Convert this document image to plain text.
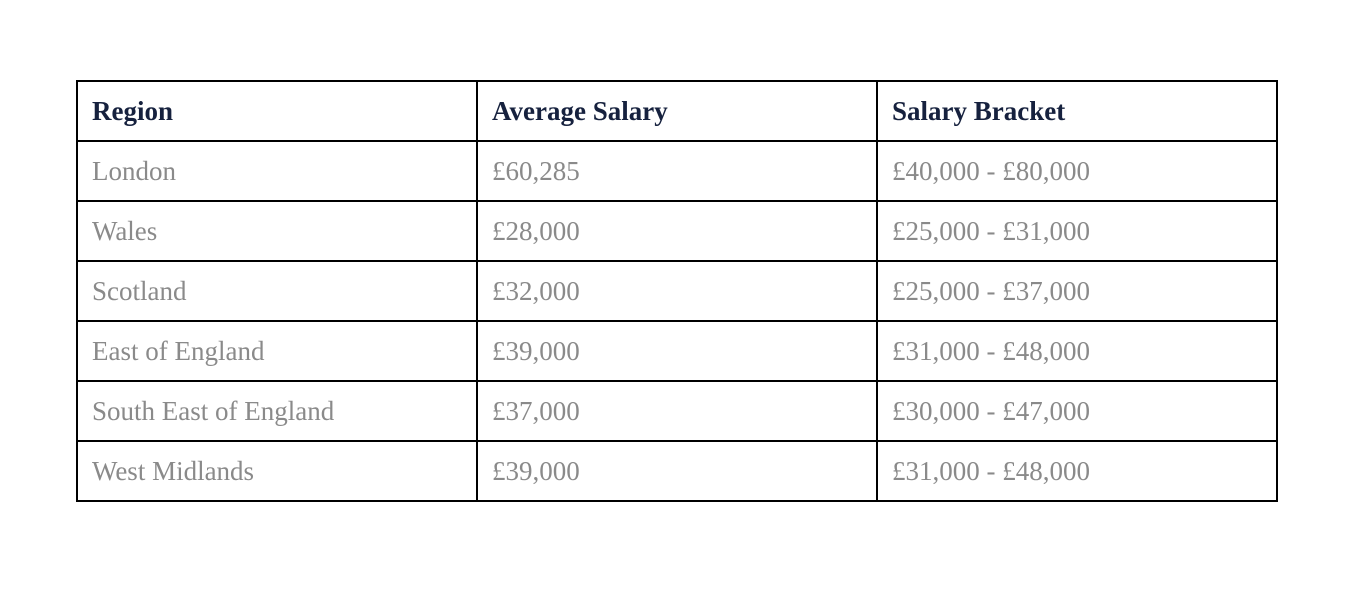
Region	Average Salary	Salary Bracket
London	£60,285	£40,000 - £80,000
Wales	£28,000	£25,000 - £31,000
Scotland	£32,000	£25,000 - £37,000
East of England	£39,000	£31,000 - £48,000
South East of England	£37,000	£30,000 - £47,000
West Midlands	£39,000	£31,000 - £48,000
